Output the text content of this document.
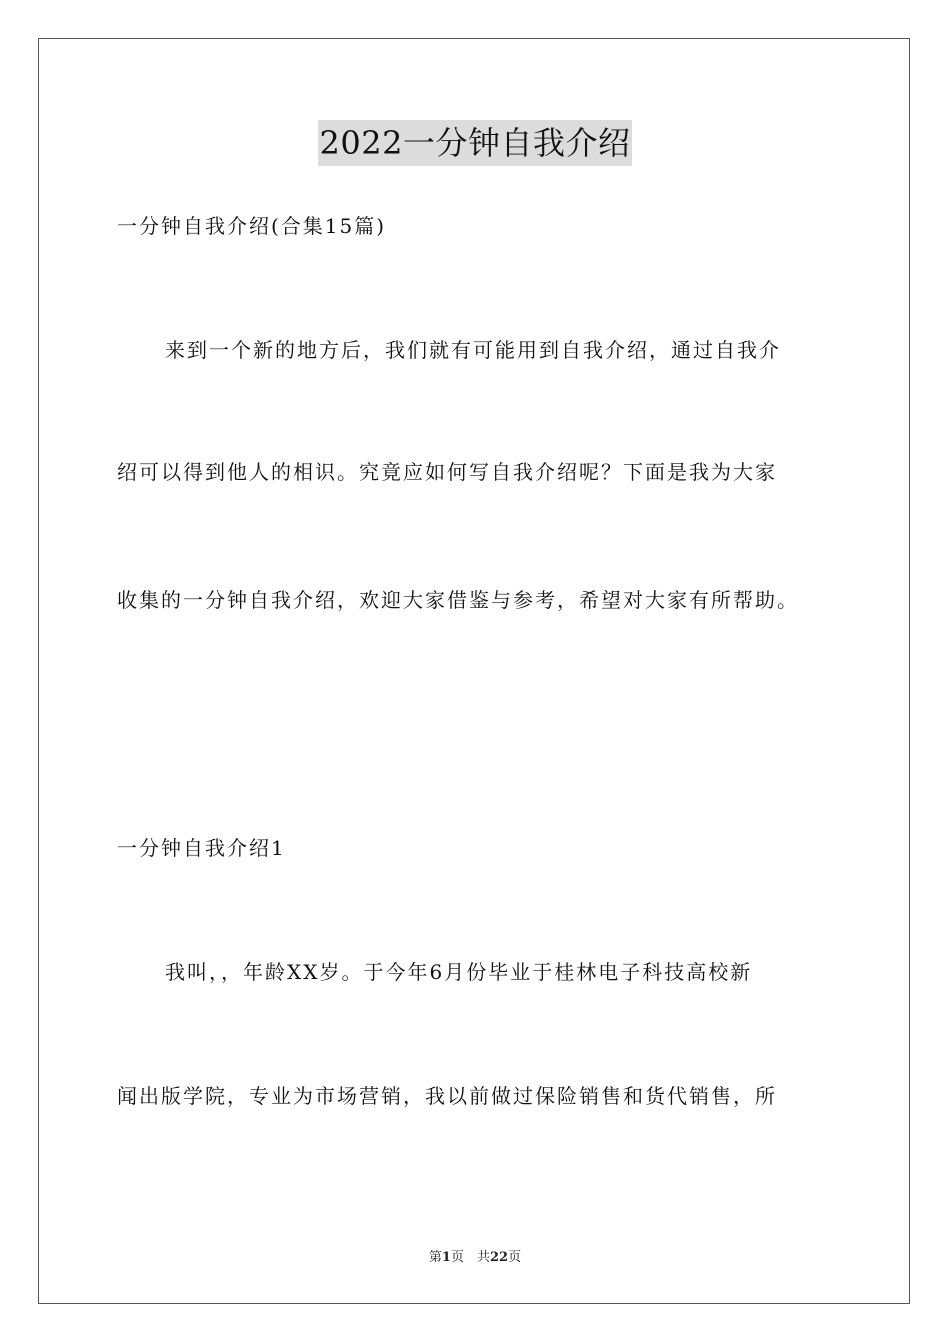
2022一分钟自我介绍
一分钟自我介绍(合集15篇)
来到一个新的地方后，我们就有可能用到自我介绍，通过自我介
绍可以得到他人的相识。究竟应如何写自我介绍呢？下面是我为大家
收集的一分钟自我介绍，欢迎大家借鉴与参考，希望对大家有所帮助。
一分钟自我介绍1
我叫，，年龄XX岁。于今年6月份毕业于桂林电子科技高校新
闻出版学院，专业为市场营销，我以前做过保险销售和货代销售，所
第1页　共22页
